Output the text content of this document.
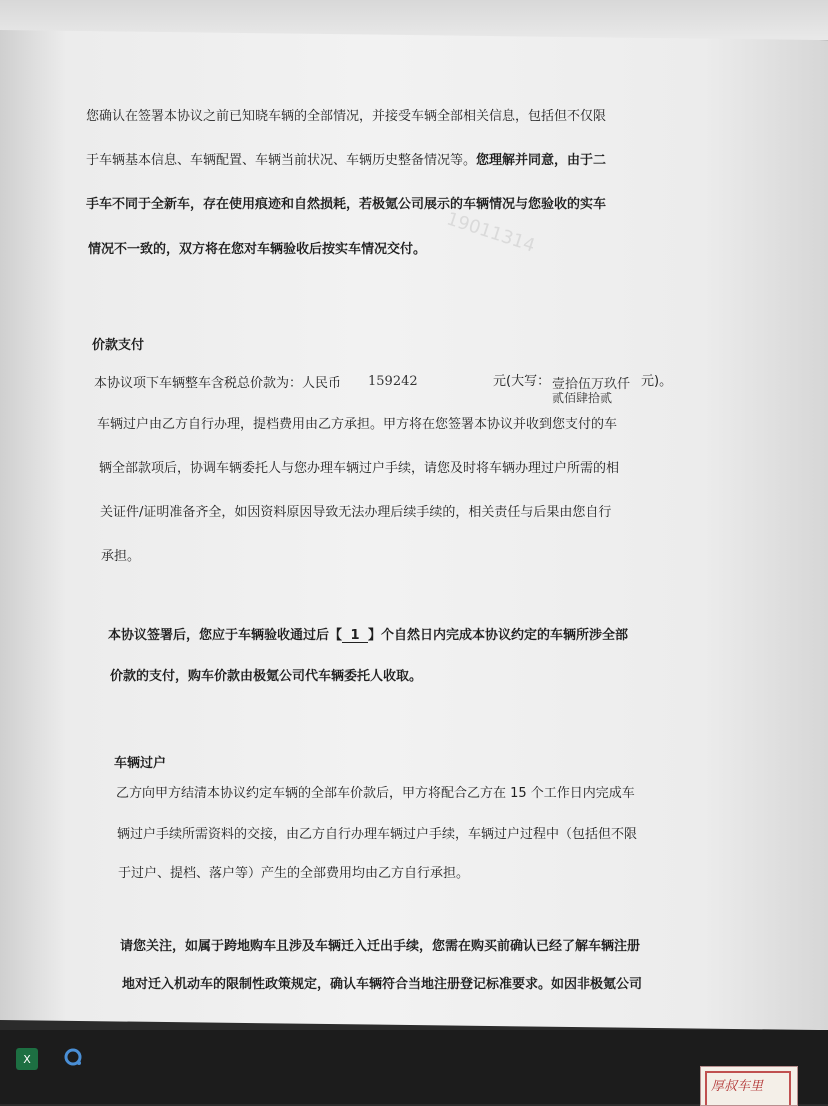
19011314
您确认在签署本协议之前已知晓车辆的全部情况，并接受车辆全部相关信息，包括但不仅限
于车辆基本信息、车辆配置、车辆当前状况、车辆历史整备情况等。您理解并同意，由于二
手车不同于全新车，存在使用痕迹和自然损耗，若极氪公司展示的车辆情况与您验收的实车
情况不一致的，双方将在您对车辆验收后按实车情况交付。
价款支付
本协议项下车辆整车含税总价款为：人民币 159242	元(大写： 壹拾伍万玖仟 元)。
贰佰肆拾贰
车辆过户由乙方自行办理，提档费用由乙方承担。甲方将在您签署本协议并收到您支付的车
辆全部款项后，协调车辆委托人与您办理车辆过户手续，请您及时将车辆办理过户所需的相
关证件/证明准备齐全，如因资料原因导致无法办理后续手续的，相关责任与后果由您自行
承担。
本协议签署后，您应于车辆验收通过后【 1 】个自然日内完成本协议约定的车辆所涉全部
价款的支付，购车价款由极氪公司代车辆委托人收取。
车辆过户
乙方向甲方结清本协议约定车辆的全部车价款后，甲方将配合乙方在 15 个工作日内完成车
辆过户手续所需资料的交接，由乙方自行办理车辆过户手续，车辆过户过程中（包括但不限
于过户、提档、落户等）产生的全部费用均由乙方自行承担。
请您关注，如属于跨地购车且涉及车辆迁入迁出手续，您需在购买前确认已经了解车辆注册
地对迁入机动车的限制性政策规定，确认车辆符合当地注册登记标准要求。如因非极氪公司
X
厚叔车里
